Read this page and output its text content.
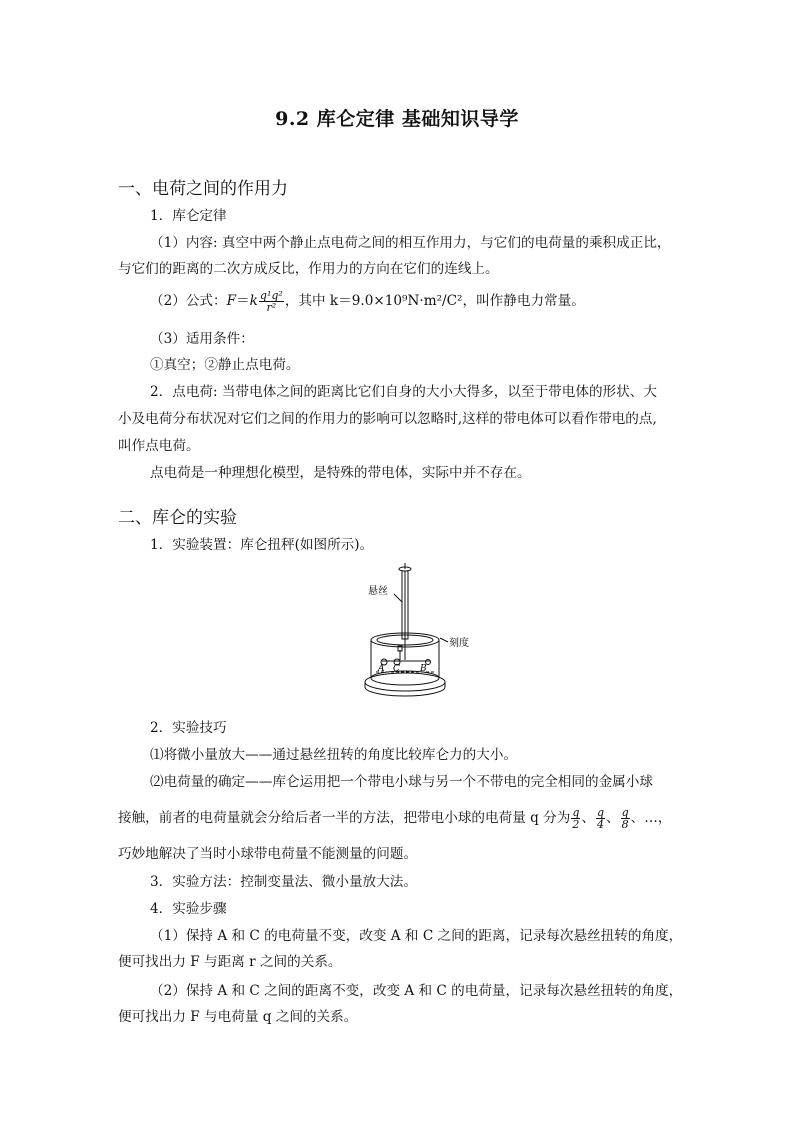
9.2 库仑定律 基础知识导学
一、电荷之间的作用力
1．库仑定律
（1）内容: 真空中两个静止点电荷之间的相互作用力，与它们的电荷量的乘积成正比，
与它们的距离的二次方成反比，作用力的方向在它们的连线上。
（2）公式：$F=k \frac{\text{q¹q²}}{\text{r²}}$ ，其中 k＝9.0×10⁹N·m²/C²，叫作静电力常量。
（3）适用条件：
①真空；②静止点电荷。
2．点电荷: 当带电体之间的距离比它们自身的大小大得多，以至于带电体的形状、大
小及电荷分布状况对它们之间的作用力的影响可以忽略时,这样的带电体可以看作带电的点,
叫作点电荷。
点电荷是一种理想化模型，是特殊的带电体，实际中并不存在。
二、库仑的实验
1．实验装置：库仑扭秤(如图所示)。
悬丝
刻度
A C B
2．实验技巧
⑴将微小量放大——通过悬丝扭转的角度比较库仑力的大小。
⑵电荷量的确定——库仑运用把一个带电小球与另一个不带电的完全相同的金属小球
接触，前者的电荷量就会分给后者一半的方法，把带电小球的电荷量 q 分为 $\frac{q}{2}$ 、 $\frac{q}{4}$ 、 $\frac{q}{8}$ 、…，
巧妙地解决了当时小球带电荷量不能测量的问题。
3．实验方法：控制变量法、微小量放大法。
4．实验步骤
（1）保持 A 和 C 的电荷量不变，改变 A 和 C 之间的距离，记录每次悬丝扭转的角度，
便可找出力 F 与距离 r 之间的关系。
（2）保持 A 和 C 之间的距离不变，改变 A 和 C 的电荷量，记录每次悬丝扭转的角度，
便可找出力 F 与电荷量 q 之间的关系。
